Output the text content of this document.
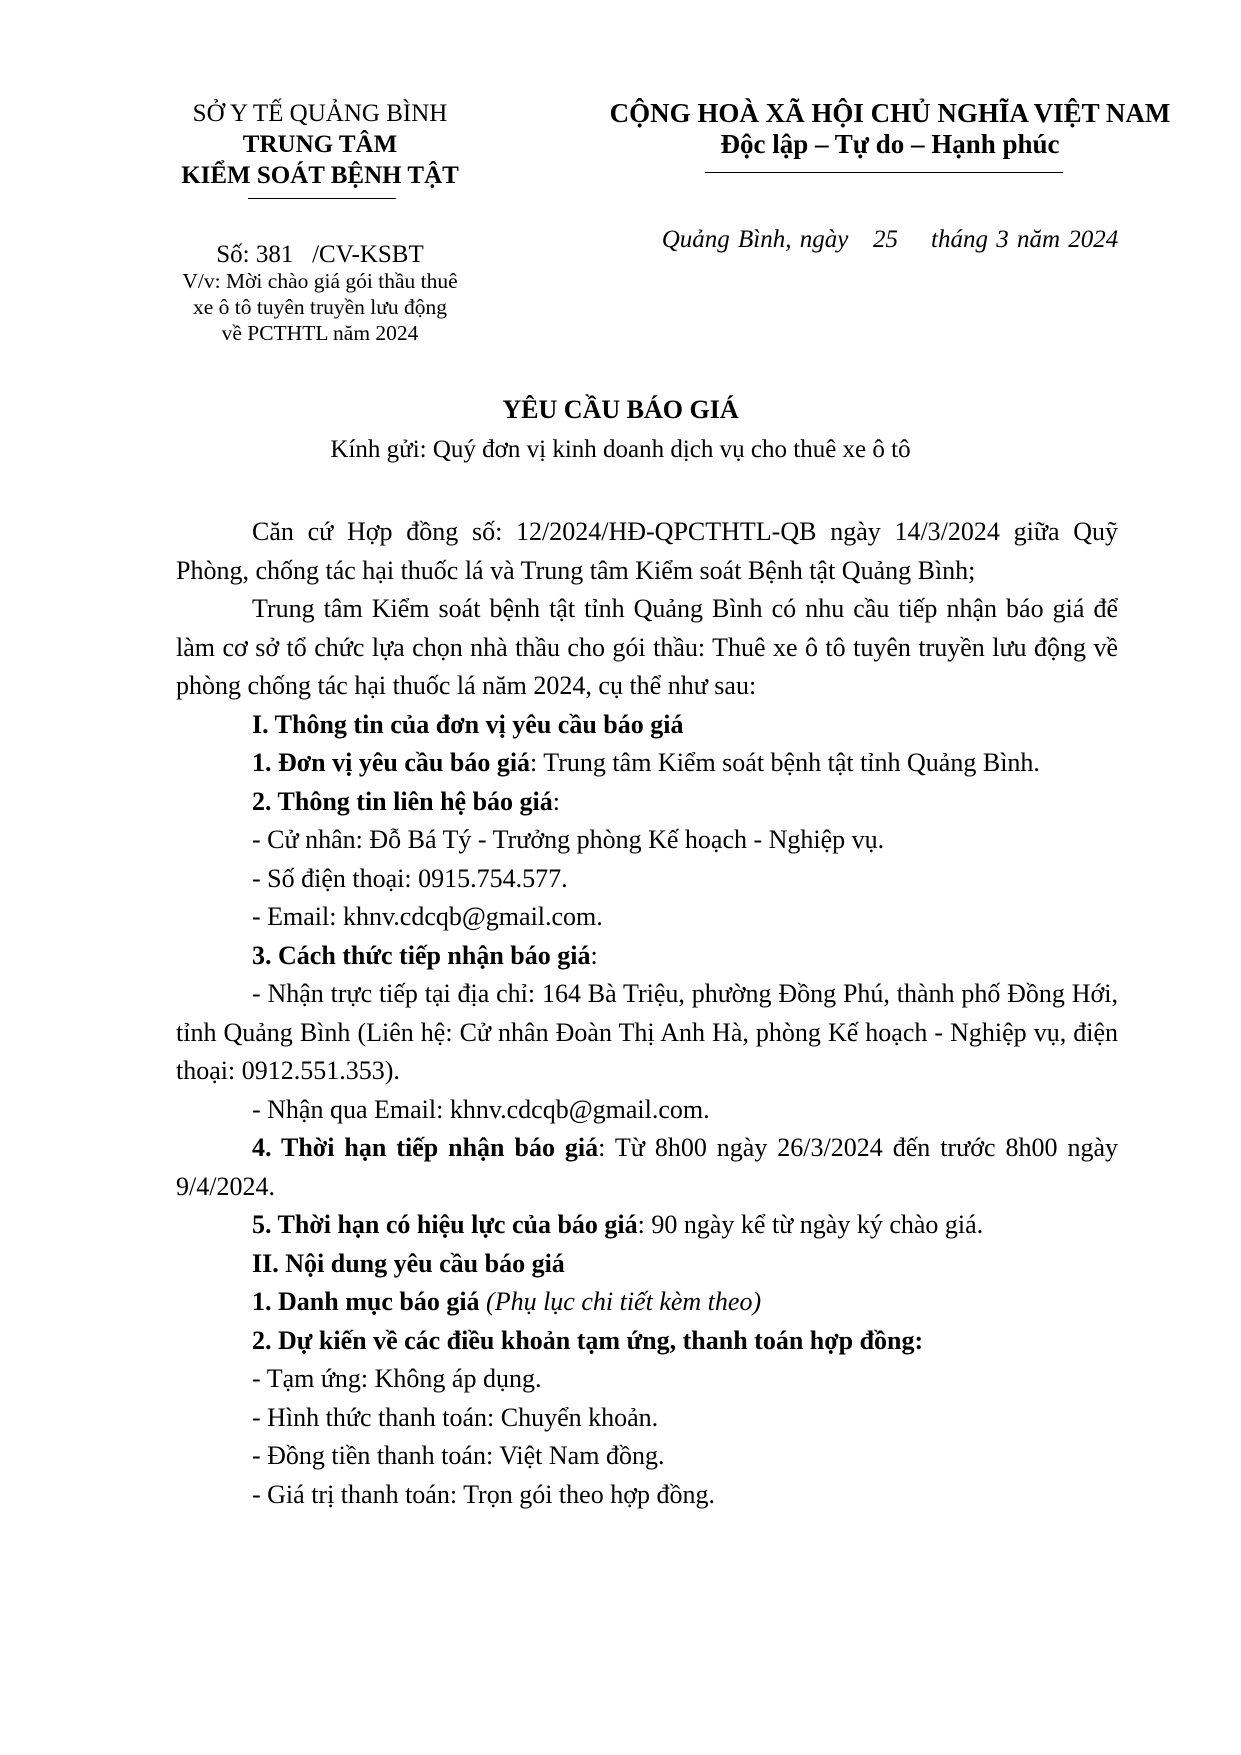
SỞ Y TẾ QUẢNG BÌNH
TRUNG TÂM
KIỂM SOÁT BỆNH TẬT
CỘNG HOÀ XÃ HỘI CHỦ NGHĨA VIỆT NAM
Độc lập – Tự do – Hạnh phúc
Số: 381   /CV-KSBT
V/v: Mời chào giá gói thầu thuê
xe ô tô tuyên truyền lưu động
về PCTHTL năm 2024
Quảng Bình, ngày   25    tháng 3 năm 2024
YÊU CẦU BÁO GIÁ
Kính gửi: Quý đơn vị kinh doanh dịch vụ cho thuê xe ô tô

Căn cứ Hợp đồng số: 12/2024/HĐ-QPCTHTL-QB ngày 14/3/2024 giữa Quỹ Phòng, chống tác hại thuốc lá và Trung tâm Kiểm soát Bệnh tật Quảng Bình;

Trung tâm Kiểm soát bệnh tật tỉnh Quảng Bình có nhu cầu tiếp nhận báo giá để làm cơ sở tổ chức lựa chọn nhà thầu cho gói thầu: Thuê xe ô tô tuyên truyền lưu động về phòng chống tác hại thuốc lá năm 2024, cụ thể như sau:

I. Thông tin của đơn vị yêu cầu báo giá

1. Đơn vị yêu cầu báo giá: Trung tâm Kiểm soát bệnh tật tỉnh Quảng Bình.

2. Thông tin liên hệ báo giá:

- Cử nhân: Đỗ Bá Tý - Trưởng phòng Kế hoạch - Nghiệp vụ.

- Số điện thoại: 0915.754.577.

- Email: khnv.cdcqb@gmail.com.

3. Cách thức tiếp nhận báo giá:

- Nhận trực tiếp tại địa chỉ: 164 Bà Triệu, phường Đồng Phú, thành phố Đồng Hới, tỉnh Quảng Bình (Liên hệ: Cử nhân Đoàn Thị Anh Hà, phòng Kế hoạch - Nghiệp vụ, điện thoại: 0912.551.353).

- Nhận qua Email: khnv.cdcqb@gmail.com.

4. Thời hạn tiếp nhận báo giá: Từ 8h00 ngày 26/3/2024 đến trước 8h00 ngày 9/4/2024.

5. Thời hạn có hiệu lực của báo giá: 90 ngày kể từ ngày ký chào giá.

II. Nội dung yêu cầu báo giá

1. Danh mục báo giá (Phụ lục chi tiết kèm theo)

2. Dự kiến về các điều khoản tạm ứng, thanh toán hợp đồng:

- Tạm ứng: Không áp dụng.

- Hình thức thanh toán: Chuyển khoản.

- Đồng tiền thanh toán: Việt Nam đồng.

- Giá trị thanh toán: Trọn gói theo hợp đồng.
